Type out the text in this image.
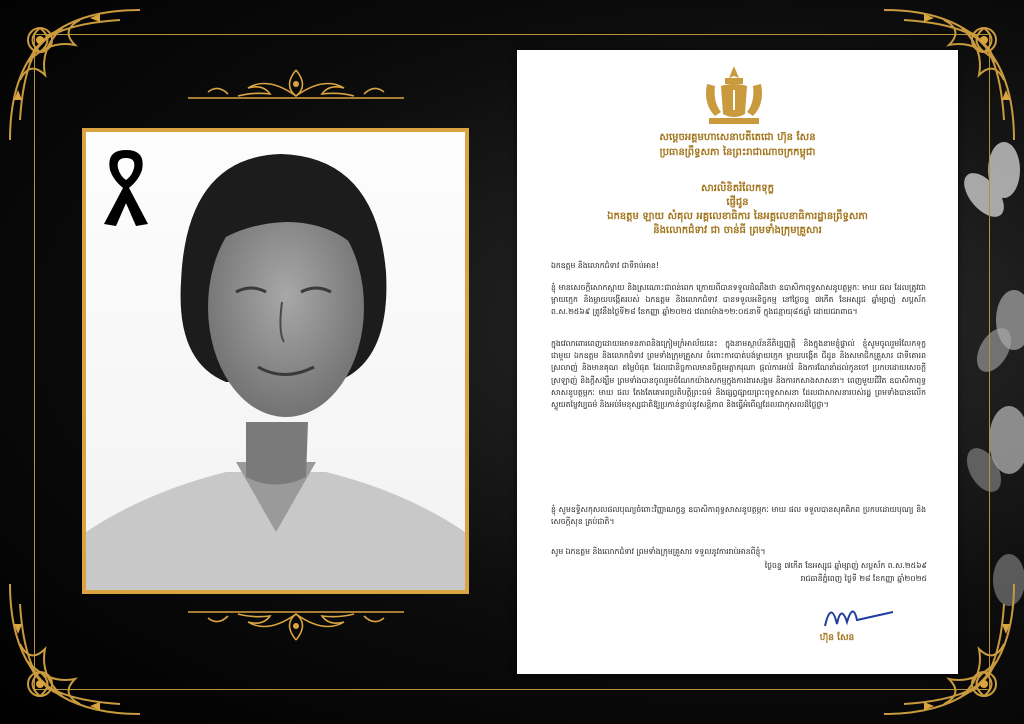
សម្តេចអគ្គមហាសេនាបតីតេជោ ហ៊ុន សែន
ប្រធានព្រឹទ្ធសភា នៃព្រះរាជាណាចក្រកម្ពុជា
សារលិខិតរំលែកទុក្ខ
ផ្ញើជូន
ឯកឧត្តម ឡាយ សំគុល អគ្គលេខាធិការ នៃអគ្គលេខាធិការដ្ឋានព្រឹទ្ធសភា
និងលោកជំទាវ ជា ចាន់ធី ព្រមទាំងក្រុមគ្រួសារ
ឯកឧត្តម និងលោកជំទាវ ជាទីរាប់អាន!
ខ្ញុំ មានសេចក្តីសោកស្តាយ និងស្រណោះជាពន់ពេក ក្រោយពីបានទទួលដំណឹងថា ឧបាសិកាពុទ្ធសាសនូបត្ថម្ភកៈ មាឃ ផល ដែលត្រូវជាម្តាយក្មេក និងម្តាយបង្កើតរបស់ ឯកឧត្តម និងលោកជំទាវ បានទទួលអនិច្ចកម្ម នៅថ្ងៃចន្ទ ៧កើត ខែអស្សុជ ឆ្នាំម្សាញ់ សប្តស័ក ព.ស.២៥៦៩ ត្រូវនឹងថ្ងៃទី២៨ ខែកញ្ញា ឆ្នាំ២០២៥ វេលាម៉ោង១២:០៥នាទី ក្នុងជន្មាយុ៨៥ឆ្នាំ ដោយជរាពាធ។
ក្នុងវេលាពោរពេញដោយមោទនភាពនិងក្រៀមក្រំអាល័យនេះ ក្នុងនាមស្ថាប័ននីតិប្បញ្ញត្តិ និងក្នុងនាមខ្ញុំផ្ទាល់ ខ្ញុំសូមចូលរួមរំលែកទុក្ខជាមួយ ឯកឧត្តម និងលោកជំទាវ ព្រមទាំងក្រុមគ្រួសារ ចំពោះការបាត់បង់ម្តាយក្មេក ម្តាយបង្កើត ជីដូន និងសមាជិកគ្រួសារ ជាទីគោរពស្រលាញ់ និងមានគុណ តម្លៃបំផុត ដែលជានិច្ចកាលមានចិត្តមេត្តាករុណា ផ្តល់ការអប់រំ និងការណែនាំដល់កូនចៅ ប្រកបដោយសេចក្តីស្រឡាញ់ និងក្តីសង្ឃឹម ព្រមទាំងបានចូលរួមចំណែកយ៉ាងសកម្មក្នុងការងារសង្គម និងការកសាងសាសនា។ ពេញមួយជីវិត ឧបាសិកាពុទ្ធសាសនូបត្ថម្ភកៈ មាឃ ផល តែងតែគោរពប្រតិបត្តិព្រះធម៌ និងផ្សព្វផ្សាយព្រះពុទ្ធសាសនា ដែលជាសាសនារបស់រដ្ឋ ព្រមទាំងបានលើកស្ទួយតម្លៃវប្បធម៌ និងអប់រំមនុស្សជាតិឱ្យប្រកាន់ខ្ជាប់នូវសន្តិភាព និងធ្វើអំពើល្អដែលជាកុសលដ៏ថ្លៃថ្លា។
ខ្ញុំ សូមឧទ្ទិសកុសលផលបុណ្យចំពោះវិញ្ញាណក្ខន្ធ ឧបាសិកាពុទ្ធសាសនូបត្ថម្ភកៈ មាឃ ផល ទទួលបានសុគតិភព ប្រកបដោយបុណ្យ និងសេចក្តីសុខ គ្រប់ជាតិ។
សូម ឯកឧត្តម និងលោកជំទាវ ព្រមទាំងក្រុមគ្រួសារ ទទួលនូវការរាប់អានពីខ្ញុំ។
ថ្ងៃចន្ទ ៧កើត ខែអស្សុជ ឆ្នាំម្សាញ់ សប្តស័ក ព.ស.២៥៦៩
រាជធានីភ្នំពេញ ថ្ងៃទី ២៨ ខែកញ្ញា ឆ្នាំ២០២៥
ហ៊ុន សែន
